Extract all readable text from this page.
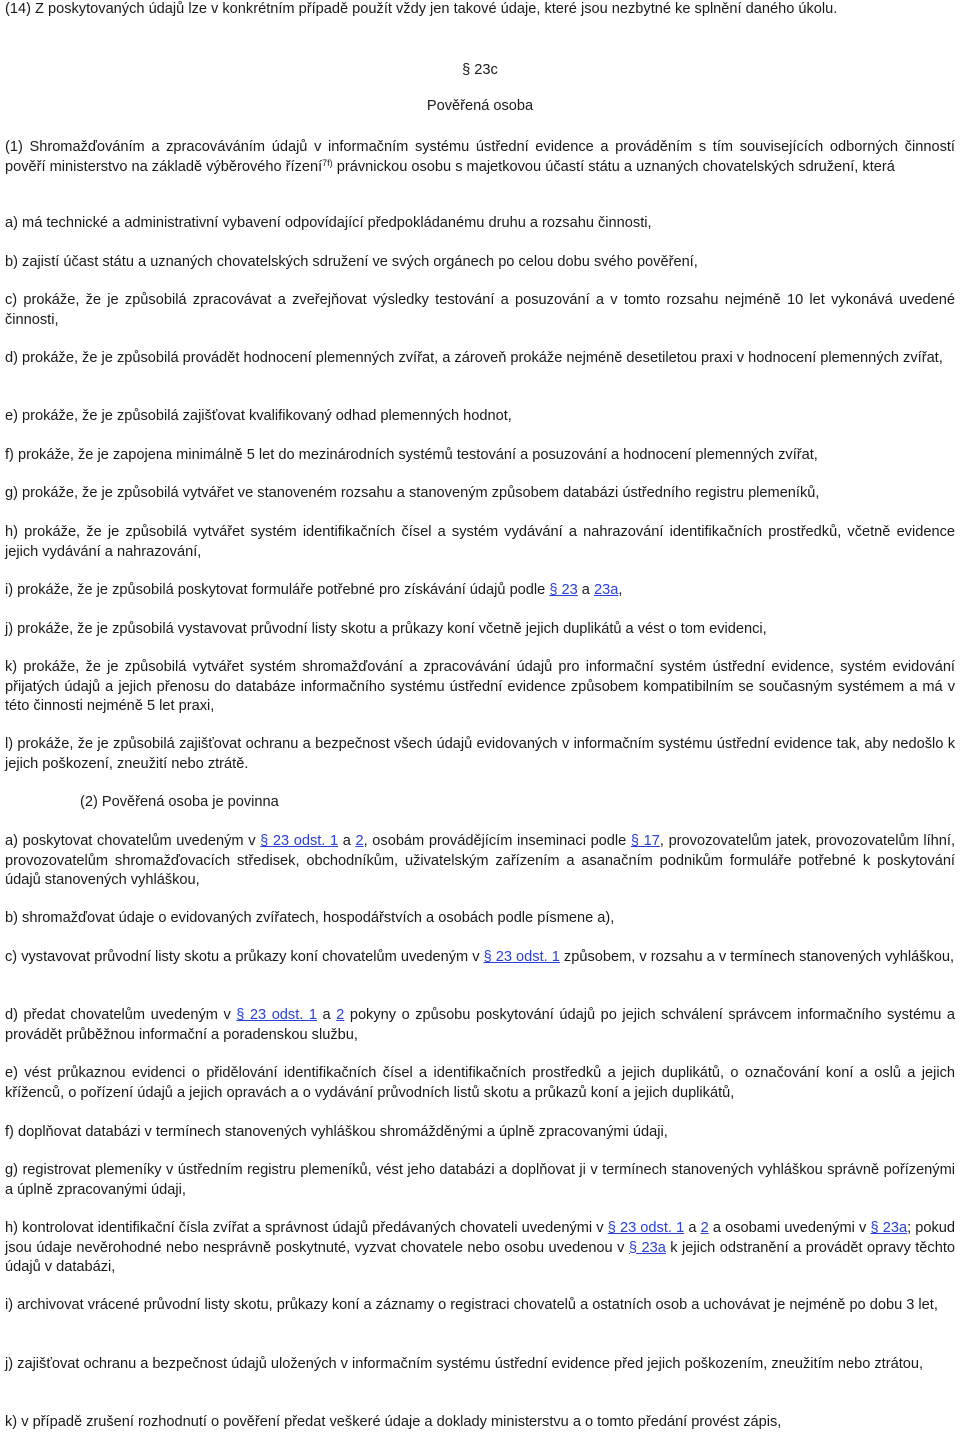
(14) Z poskytovaných údajů lze v konkrétním případě použít vždy jen takové údaje, které jsou nezbytné ke splnění daného úkolu.

§ 23c

Pověřená osoba

(1) Shromažďováním a zpracováváním údajů v informačním systému ústřední evidence a prováděním s tím souvisejících odborných činností pověří ministerstvo na základě výběrového řízení$^{7f)}$ právnickou osobu s majetkovou účastí státu a uznaných chovatelských sdružení, která

a) má technické a administrativní vybavení odpovídající předpokládanému druhu a rozsahu činnosti,

b) zajistí účast státu a uznaných chovatelských sdružení ve svých orgánech po celou dobu svého pověření,

c) prokáže, že je způsobilá zpracovávat a zveřejňovat výsledky testování a posuzování a v tomto rozsahu nejméně 10 let vykonává uvedené činnosti,

d) prokáže, že je způsobilá provádět hodnocení plemenných zvířat, a zároveň prokáže nejméně desetiletou praxi v hodnocení plemenných zvířat,

e) prokáže, že je způsobilá zajišťovat kvalifikovaný odhad plemenných hodnot,

f) prokáže, že je zapojena minimálně 5 let do mezinárodních systémů testování a posuzování a hodnocení plemenných zvířat,

g) prokáže, že je způsobilá vytvářet ve stanoveném rozsahu a stanoveným způsobem databázi ústředního registru plemeníků,

h) prokáže, že je způsobilá vytvářet systém identifikačních čísel a systém vydávání a nahrazování identifikačních prostředků, včetně evidence jejich vydávání a nahrazování,

i) prokáže, že je způsobilá poskytovat formuláře potřebné pro získávání údajů podle § 23 a 23a,

j) prokáže, že je způsobilá vystavovat průvodní listy skotu a průkazy koní včetně jejich duplikátů a vést o tom evidenci,

k) prokáže, že je způsobilá vytvářet systém shromažďování a zpracovávání údajů pro informační systém ústřední evidence, systém evidování přijatých údajů a jejich přenosu do databáze informačního systému ústřední evidence způsobem kompatibilním se současným systémem a má v této činnosti nejméně 5 let praxi,

l) prokáže, že je způsobilá zajišťovat ochranu a bezpečnost všech údajů evidovaných v informačním systému ústřední evidence tak, aby nedošlo k jejich poškození, zneužití nebo ztrátě.

(2) Pověřená osoba je povinna

a) poskytovat chovatelům uvedeným v § 23 odst. 1 a 2, osobám provádějícím inseminaci podle § 17, provozovatelům jatek, provozovatelům líhní, provozovatelům shromažďovacích středisek, obchodníkům, uživatelským zařízením a asanačním podnikům formuláře potřebné k poskytování údajů stanovených vyhláškou,

b) shromažďovat údaje o evidovaných zvířatech, hospodářstvích a osobách podle písmene a),

c) vystavovat průvodní listy skotu a průkazy koní chovatelům uvedeným v § 23 odst. 1 způsobem, v rozsahu a v termínech stanovených vyhláškou,

d) předat chovatelům uvedeným v § 23 odst. 1 a 2 pokyny o způsobu poskytování údajů po jejich schválení správcem informačního systému a provádět průběžnou informační a poradenskou službu,

e) vést průkaznou evidenci o přidělování identifikačních čísel a identifikačních prostředků a jejich duplikátů, o označování koní a oslů a jejich kříženců, o pořízení údajů a jejich opravách a o vydávání průvodních listů skotu a průkazů koní a jejich duplikátů,

f) doplňovat databázi v termínech stanovených vyhláškou shromážděnými a úplně zpracovanými údaji,

g) registrovat plemeníky v ústředním registru plemeníků, vést jeho databázi a doplňovat ji v termínech stanovených vyhláškou správně pořízenými a úplně zpracovanými údaji,

h) kontrolovat identifikační čísla zvířat a správnost údajů předávaných chovateli uvedenými v § 23 odst. 1 a 2 a osobami uvedenými v § 23a; pokud jsou údaje nevěrohodné nebo nesprávně poskytnuté, vyzvat chovatele nebo osobu uvedenou v § 23a k jejich odstranění a provádět opravy těchto údajů v databázi,

i) archivovat vrácené průvodní listy skotu, průkazy koní a záznamy o registraci chovatelů a ostatních osob a uchovávat je nejméně po dobu 3 let,

j) zajišťovat ochranu a bezpečnost údajů uložených v informačním systému ústřední evidence před jejich poškozením, zneužitím nebo ztrátou,

k) v případě zrušení rozhodnutí o pověření předat veškeré údaje a doklady ministerstvu a o tomto předání provést zápis,
